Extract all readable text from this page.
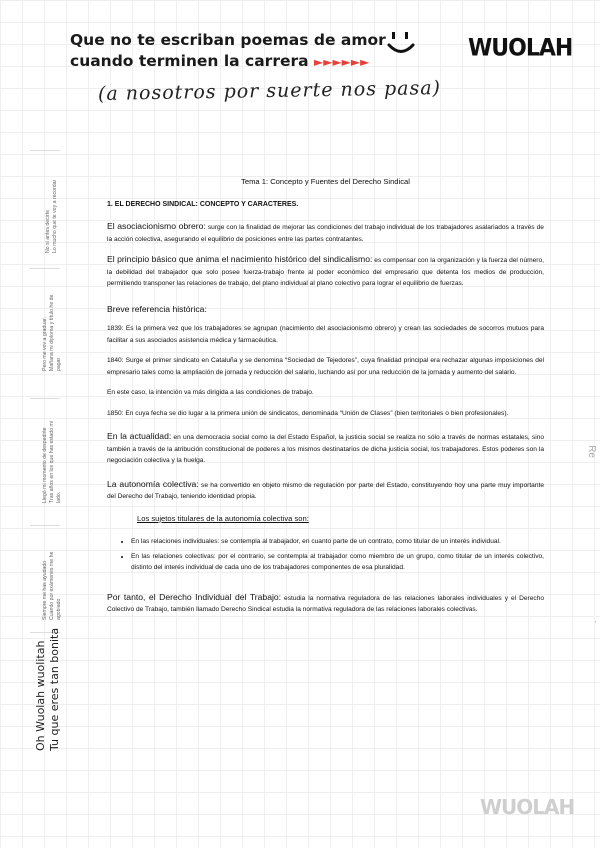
Que no te escriban poemas de amor
cuando terminen la carrera ►►►►►►	WUOLAH
(a nosotros por suerte nos pasa)
No si antes decirte Lo mucho que te voy a recordar
Pero me vov a graduar. Mañana mi diploma y título he de pagar
Llegó mi momento de despedirte Tras años en los que has estado mi lado.
Siempre me has ayudado Cuando por exámenes me he agobiado
Oh Wuolah wuolitah Tu que eres tan bonita
Re
'
Tema 1: Concepto y Fuentes del Derecho Sindical
1. EL DERECHO SINDICAL: CONCEPTO Y CARACTERES.

El asociacionismo obrero: surge con la finalidad de mejorar las condiciones del trabajo individual de los trabajadores asalariados a través de la acción colectiva, asegurando el equilibrio de posiciones entre las partes contratantes.

El principio básico que anima el nacimiento histórico del sindicalismo: es compensar con la organización y la fuerza del número, la debilidad del trabajador que solo posee fuerza-trabajo frente al poder económico del empresario que detenta los medios de producción, permitiendo transponer las relaciones de trabajo, del plano individual al plano colectivo para lograr el equilibrio de fuerzas.

Breve referencia histórica:

1839: Es la primera vez que los trabajadores se agrupan (nacimiento del asociacionismo obrero) y crean las sociedades de socorros mutuos para facilitar a sus asociados asistencia médica y farmacéutica.

1840: Surge el primer sindicato en Cataluña y se denomina “Sociedad de Tejedores”, cuya finalidad principal era rechazar algunas imposiciones del empresario tales como la ampliación de jornada y reducción del salario, luchando así por una reducción de la jornada y aumento del salario.

En este caso, la intención va más dirigida a las condiciones de trabajo.

1850: En cuya fecha se dio lugar a la primera unión de sindicatos, denominada “Unión de Clases” (bien territoriales o bien profesionales).

En la actualidad: en una democracia social como la del Estado Español, la justicia social se realiza no sólo a través de normas estatales, sino también a través de la atribución constitucional de poderes a los mismos destinatarios de dicha justicia social, los trabajadores. Estos poderes son la negociación colectiva y la huelga.

La autonomía colectiva: se ha convertido en objeto mismo de regulación por parte del Estado, constituyendo hoy una parte muy importante del Derecho del Trabajo, teniendo identidad propia.

Los sujetos titulares de la autonomía colectiva son:
• En las relaciones individuales: se contempla al trabajador, en cuanto parte de un contrato, como titular de un interés individual.
• En las relaciones colectivas: por el contrario, se contempla al trabajador como miembro de un grupo, como titular de un interés colectivo, distinto del interés individual de cada uno de los trabajadores componentes de esa pluralidad.

Por tanto, el Derecho Individual del Trabajo: estudia la normativa reguladora de las relaciones laborales individuales y el Derecho Colectivo de Trabajo, también llamado Derecho Sindical estudia la normativa reguladora de las relaciones laborales colectivas.

WUOLAH
